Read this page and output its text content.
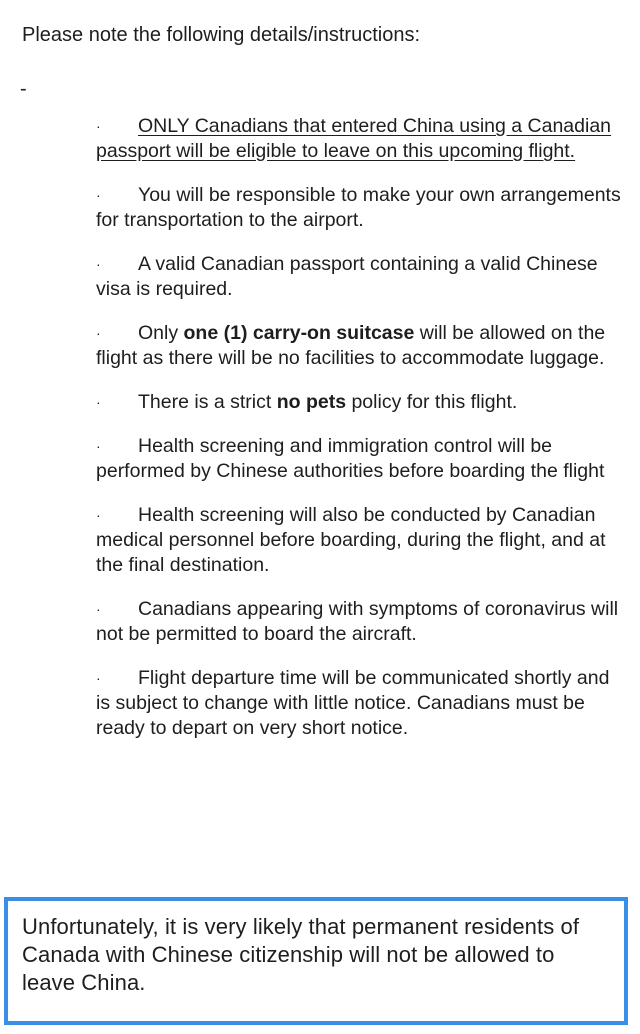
Please note the following details/instructions:
-
· ONLY Canadians that entered China using a Canadian passport will be eligible to leave on this upcoming flight.
· You will be responsible to make your own arrangements for transportation to the airport.
· A valid Canadian passport containing a valid Chinese visa is required.
· Only one (1) carry-on suitcase will be allowed on the flight as there will be no facilities to accommodate luggage.
· There is a strict no pets policy for this flight.
· Health screening and immigration control will be performed by Chinese authorities before boarding the flight
· Health screening will also be conducted by Canadian medical personnel before boarding, during the flight, and at the final destination.
· Canadians appearing with symptoms of coronavirus will not be permitted to board the aircraft.
· Flight departure time will be communicated shortly and is subject to change with little notice. Canadians must be ready to depart on very short notice.
Unfortunately, it is very likely that permanent residents of Canada with Chinese citizenship will not be allowed to leave China.
